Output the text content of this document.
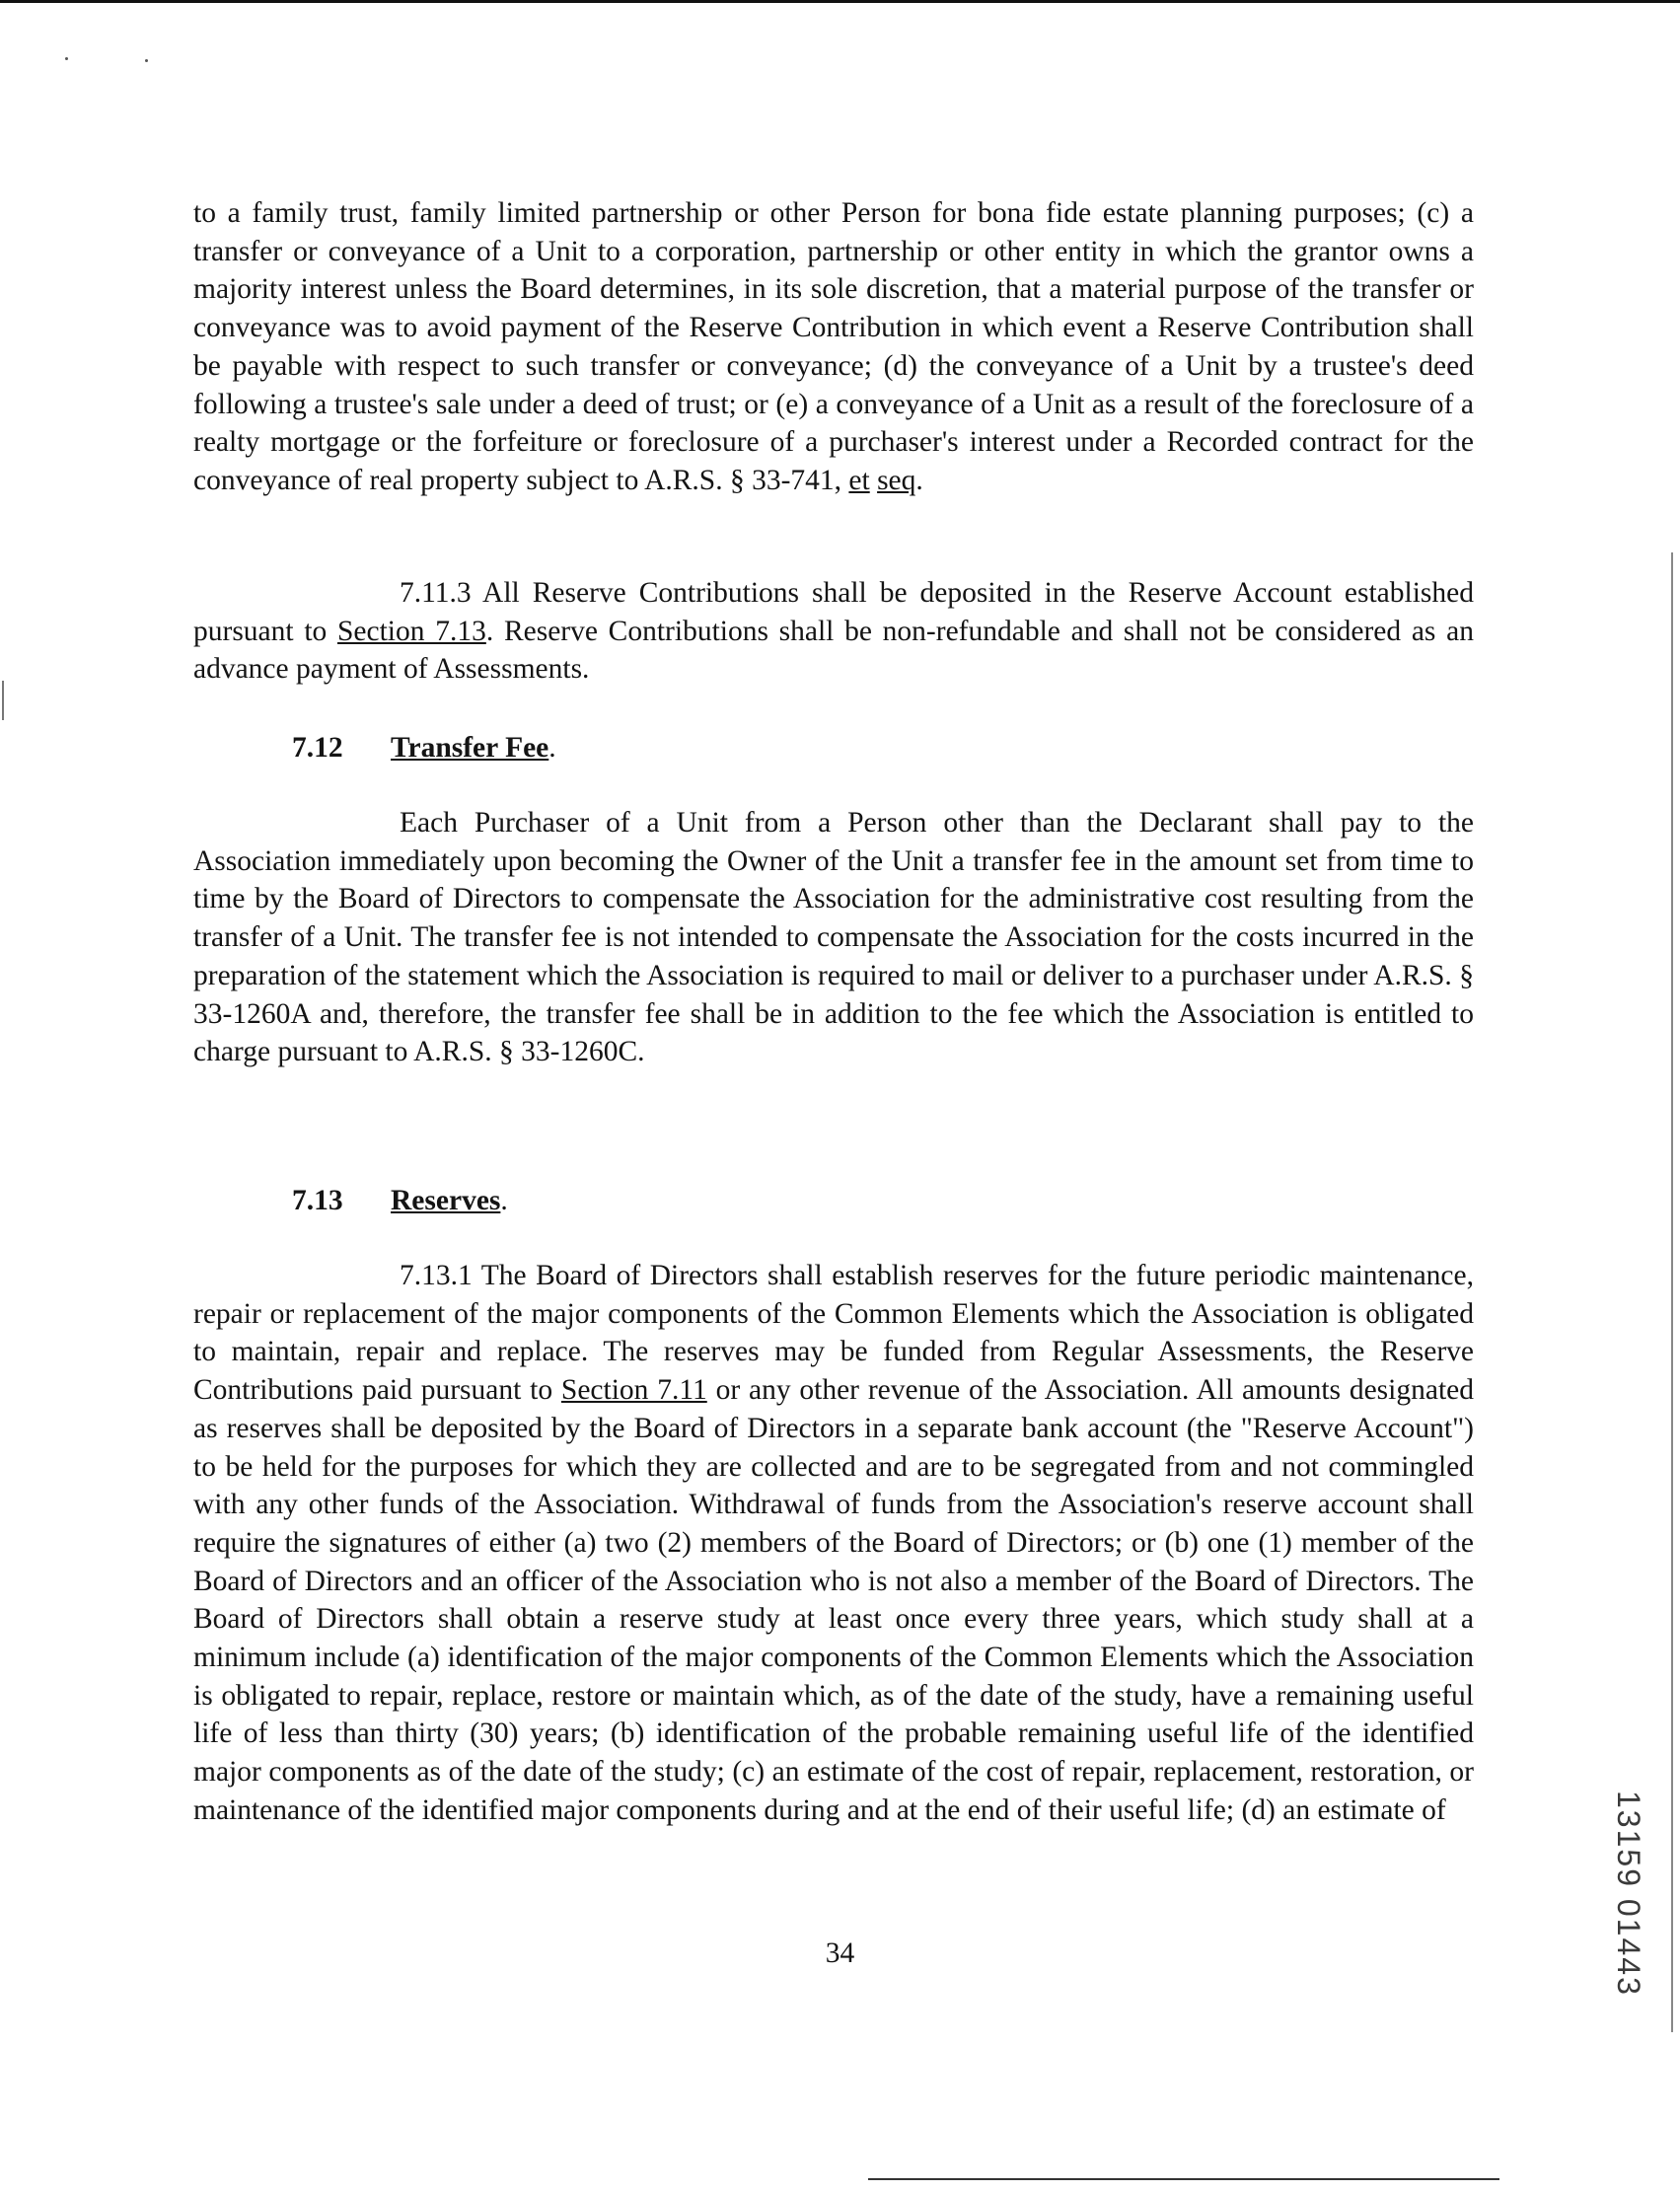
to a family trust, family limited partnership or other Person for bona fide estate planning purposes; (c) a transfer or conveyance of a Unit to a corporation, partnership or other entity in which the grantor owns a majority interest unless the Board determines, in its sole discretion, that a material purpose of the transfer or conveyance was to avoid payment of the Reserve Contribution in which event a Reserve Contribution shall be payable with respect to such transfer or conveyance; (d) the conveyance of a Unit by a trustee's deed following a trustee's sale under a deed of trust; or (e) a conveyance of a Unit as a result of the foreclosure of a realty mortgage or the forfeiture or foreclosure of a purchaser's interest under a Recorded contract for the conveyance of real property subject to A.R.S. § 33-741, et seq.

7.11.3 All Reserve Contributions shall be deposited in the Reserve Account established pursuant to Section 7.13. Reserve Contributions shall be non-refundable and shall not be considered as an advance payment of Assessments.

7.12 Transfer Fee.

Each Purchaser of a Unit from a Person other than the Declarant shall pay to the Association immediately upon becoming the Owner of the Unit a transfer fee in the amount set from time to time by the Board of Directors to compensate the Association for the administrative cost resulting from the transfer of a Unit. The transfer fee is not intended to compensate the Association for the costs incurred in the preparation of the statement which the Association is required to mail or deliver to a purchaser under A.R.S. § 33-1260A and, therefore, the transfer fee shall be in addition to the fee which the Association is entitled to charge pursuant to A.R.S. § 33-1260C.

7.13 Reserves.

7.13.1 The Board of Directors shall establish reserves for the future periodic maintenance, repair or replacement of the major components of the Common Elements which the Association is obligated to maintain, repair and replace. The reserves may be funded from Regular Assessments, the Reserve Contributions paid pursuant to Section 7.11 or any other revenue of the Association. All amounts designated as reserves shall be deposited by the Board of Directors in a separate bank account (the "Reserve Account") to be held for the purposes for which they are collected and are to be segregated from and not commingled with any other funds of the Association. Withdrawal of funds from the Association's reserve account shall require the signatures of either (a) two (2) members of the Board of Directors; or (b) one (1) member of the Board of Directors and an officer of the Association who is not also a member of the Board of Directors. The Board of Directors shall obtain a reserve study at least once every three years, which study shall at a minimum include (a) identification of the major components of the Common Elements which the Association is obligated to repair, replace, restore or maintain which, as of the date of the study, have a remaining useful life of less than thirty (30) years; (b) identification of the probable remaining useful life of the identified major components as of the date of the study; (c) an estimate of the cost of repair, replacement, restoration, or maintenance of the identified major components during and at the end of their useful life; (d) an estimate of

34	13159 01443
